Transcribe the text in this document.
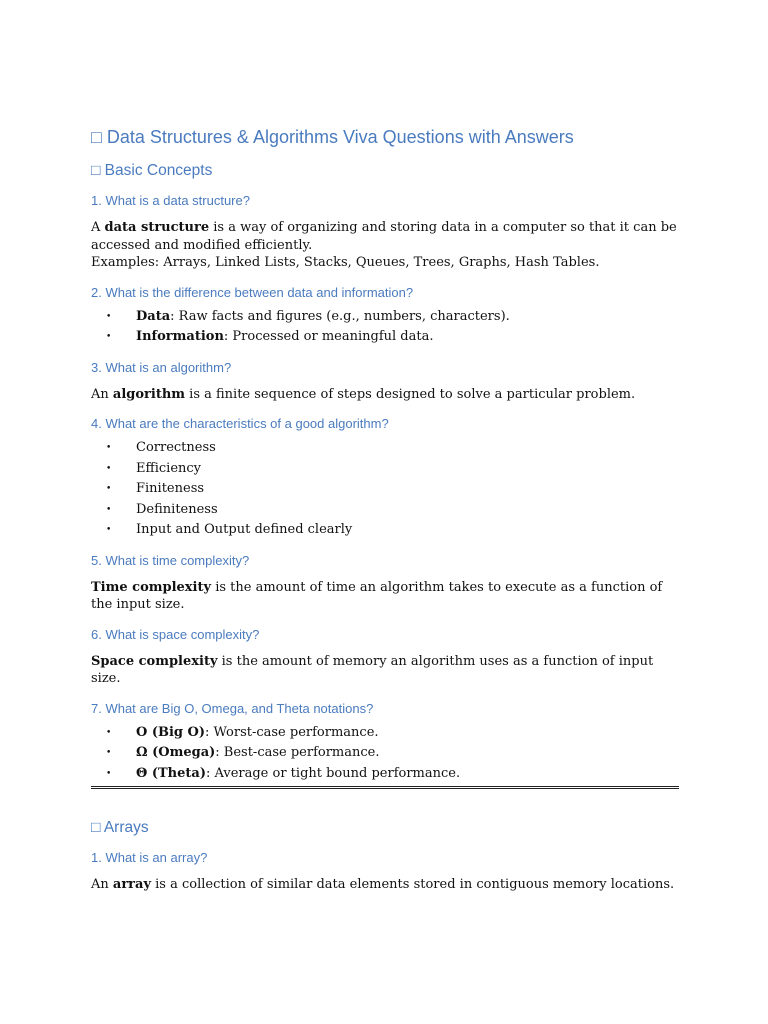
□ Data Structures & Algorithms Viva Questions with Answers
□ Basic Concepts
1. What is a data structure?
A data structure is a way of organizing and storing data in a computer so that it can be accessed and modified efficiently.
Examples: Arrays, Linked Lists, Stacks, Queues, Trees, Graphs, Hash Tables.
2. What is the difference between data and information?
• Data: Raw facts and figures (e.g., numbers, characters).
• Information: Processed or meaningful data.
3. What is an algorithm?
An algorithm is a finite sequence of steps designed to solve a particular problem.
4. What are the characteristics of a good algorithm?
• Correctness
• Efficiency
• Finiteness
• Definiteness
• Input and Output defined clearly
5. What is time complexity?
Time complexity is the amount of time an algorithm takes to execute as a function of the input size.
6. What is space complexity?
Space complexity is the amount of memory an algorithm uses as a function of input size.
7. What are Big O, Omega, and Theta notations?
• O (Big O): Worst-case performance.
• Ω (Omega): Best-case performance.
• Θ (Theta): Average or tight bound performance.
□ Arrays
1. What is an array?
An array is a collection of similar data elements stored in contiguous memory locations.
